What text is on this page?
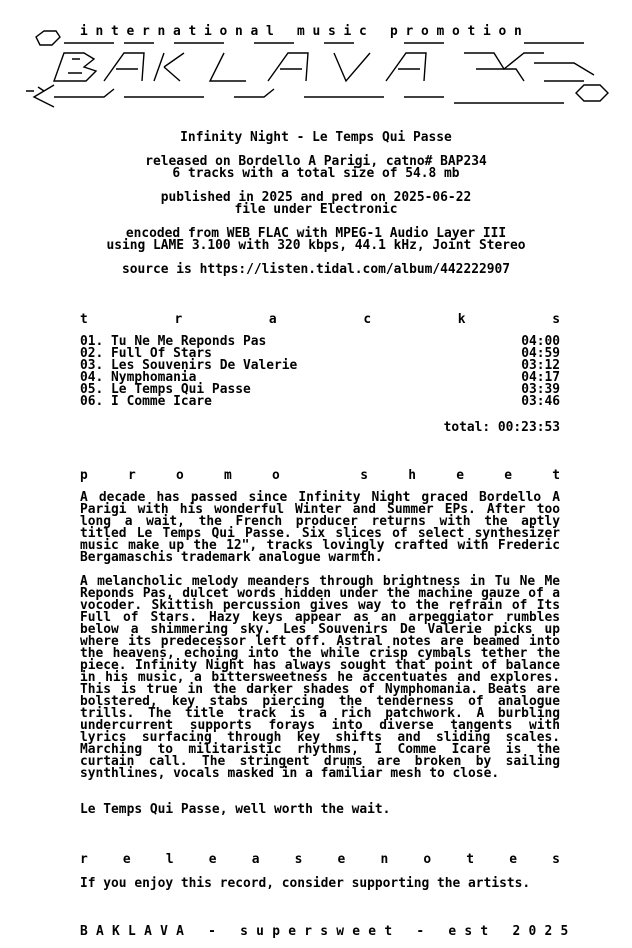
international music promotion
Infinity Night - Le Temps Qui Passe
released on Bordello A Parigi, catno# BAP234
6 tracks with a total size of 54.8 mb
published in 2025 and pred on 2025-06-22
file under Electronic
encoded from WEB FLAC with MPEG-1 Audio Layer III
using LAME 3.100 with 320 kbps, 44.1 kHz, Joint Stereo
source is https://listen.tidal.com/album/442222907
t	r	a	c	k	s
01. Tu Ne Me Reponds Pas	04:00
02. Full Of Stars	04:59
03. Les Souvenirs De Valerie	03:12
04. Nymphomania	04:17
05. Le Temps Qui Passe	03:39
06. I Comme Icare	03:46
total: 00:23:53
p	r	o	m	o	s	h	e	e	t
A decade has passed since Infinity Night graced Bordello A Parigi with his wonderful Winter and Summer EPs. After too long a wait, the French producer returns with the aptly titled Le Temps Qui Passe. Six slices of select synthesizer music make up the 12", tracks lovingly crafted with Frederic Bergamaschis trademark analogue warmth.
A melancholic melody meanders through brightness in Tu Ne Me Reponds Pas, dulcet words hidden under the machine gauze of a vocoder. Skittish percussion gives way to the refrain of Its Full of Stars. Hazy keys appear as an arpeggiator rumbles below a shimmering sky. Les Souvenirs De Valerie picks up where its predecessor left off. Astral notes are beamed into the heavens, echoing into the while crisp cymbals tether the piece. Infinity Night has always sought that point of balance in his music, a bittersweetness he accentuates and explores. This is true in the darker shades of Nymphomania. Beats are bolstered, key stabs piercing the tenderness of analogue trills. The title track is a rich patchwork. A burbling undercurrent supports forays into diverse tangents with lyrics surfacing through key shifts and sliding scales. Marching to militaristic rhythms, I Comme Icare is the curtain call. The stringent drums are broken by sailing synthlines, vocals masked in a familiar mesh to close.
Le Temps Qui Passe, well worth the wait.
r	e	l	e	a	s	e	n	o	t	e	s
If you enjoy this record, consider supporting the artists.
BAKLAVA - supersweet - est 2025
